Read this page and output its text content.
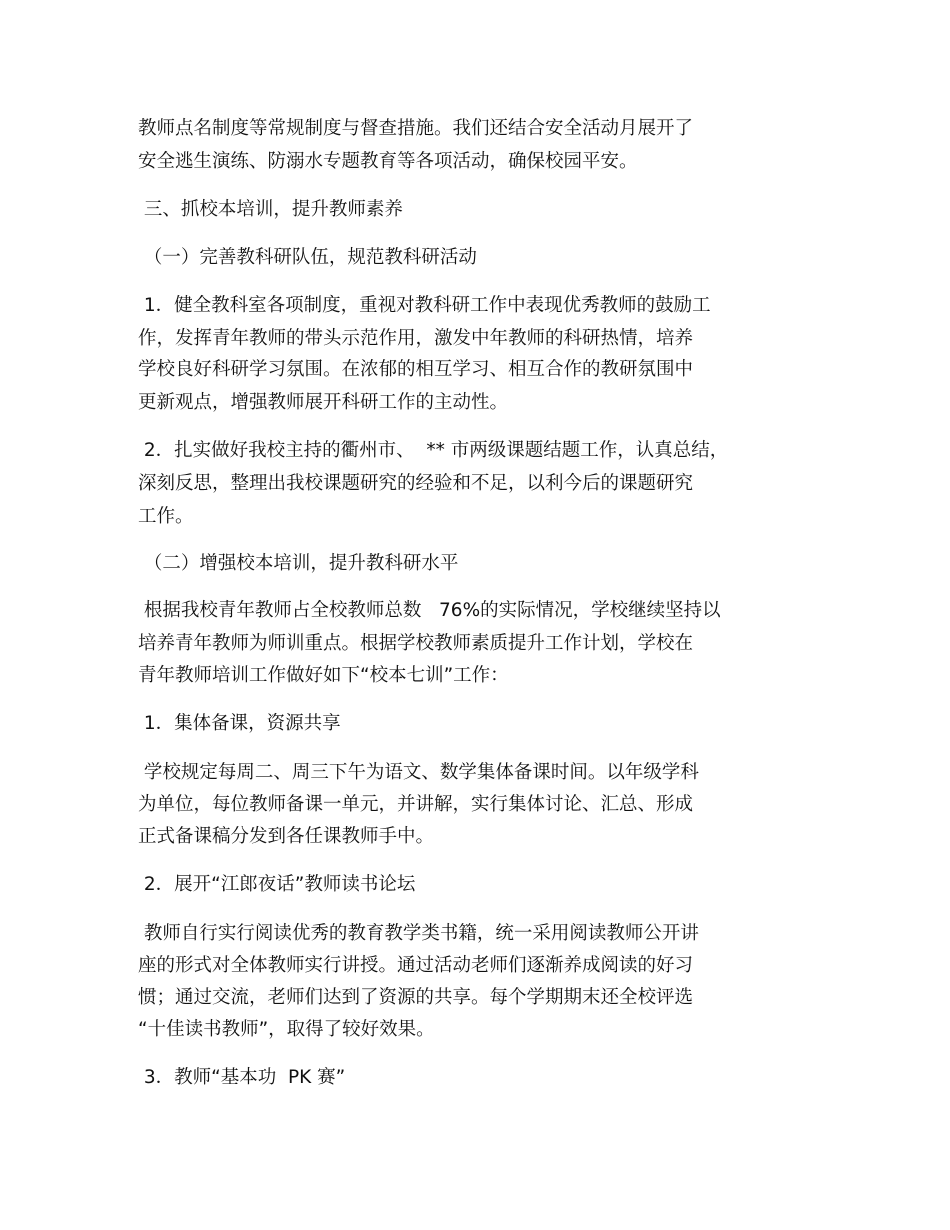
教师点名制度等常规制度与督查措施。我们还结合安全活动月展开了
安全逃生演练、防溺水专题教育等各项活动，确保校园平安。
三、抓校本培训，提升教师素养
（一）完善教科研队伍，规范教科研活动
1．健全教科室各项制度，重视对教科研工作中表现优秀教师的鼓励工
作，发挥青年教师的带头示范作用，激发中年教师的科研热情，培养
学校良好科研学习氛围。在浓郁的相互学习、相互合作的教研氛围中
更新观点，增强教师展开科研工作的主动性。
2．扎实做好我校主持的衢州市、  ** 市两级课题结题工作，认真总结，
深刻反思，整理出我校课题研究的经验和不足，以利今后的课题研究
工作。
（二）增强校本培训，提升教科研水平
根据我校青年教师占全校教师总数   76%的实际情况，学校继续坚持以
培养青年教师为师训重点。根据学校教师素质提升工作计划，学校在
青年教师培训工作做好如下“校本七训”工作：
1．集体备课，资源共享
学校规定每周二、周三下午为语文、数学集体备课时间。以年级学科
为单位，每位教师备课一单元，并讲解，实行集体讨论、汇总、形成
正式备课稿分发到各任课教师手中。
2．展开“江郎夜话”教师读书论坛
教师自行实行阅读优秀的教育教学类书籍，统一采用阅读教师公开讲
座的形式对全体教师实行讲授。通过活动老师们逐渐养成阅读的好习
惯；通过交流，老师们达到了资源的共享。每个学期期末还全校评选
“十佳读书教师”，取得了较好效果。
3．教师“基本功  PK 赛”
